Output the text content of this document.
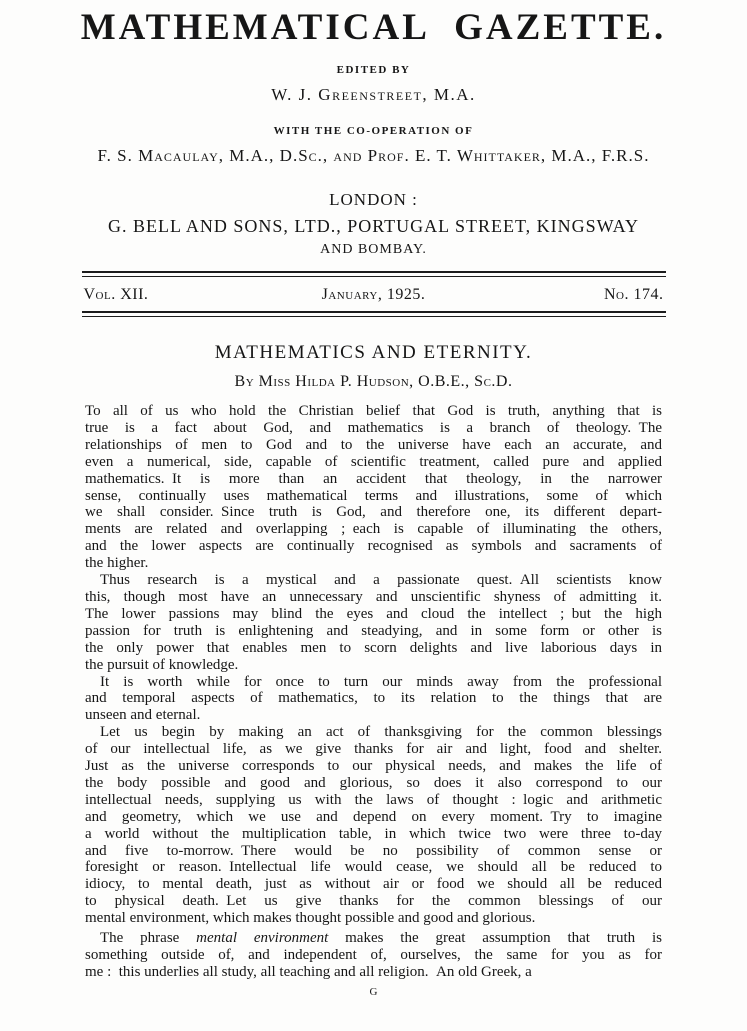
MATHEMATICAL GAZETTE.
EDITED BY
W. J. Greenstreet, M.A.
WITH THE CO-OPERATION OF
F. S. Macaulay, M.A., D.Sc., and Prof. E. T. Whittaker, M.A., F.R.S.
LONDON :
G. BELL AND SONS, LTD., PORTUGAL STREET, KINGSWAY
AND BOMBAY.
Vol. XII.	January, 1925.	No. 174.
MATHEMATICS AND ETERNITY.
By Miss Hilda P. Hudson, O.B.E., Sc.D.
To all of us who hold the Christian belief that God is truth, anything that is
true is a fact about God, and mathematics is a branch of theology. The
relationships of men to God and to the universe have each an accurate, and
even a numerical, side, capable of scientific treatment, called pure and applied
mathematics. It is more than an accident that theology, in the narrower
sense, continually uses mathematical terms and illustrations, some of which
we shall consider. Since truth is God, and therefore one, its different depart-
ments are related and overlapping ; each is capable of illuminating the others,
and the lower aspects are continually recognised as symbols and sacraments of
the higher.
Thus research is a mystical and a passionate quest. All scientists know
this, though most have an unnecessary and unscientific shyness of admitting it.
The lower passions may blind the eyes and cloud the intellect ; but the high
passion for truth is enlightening and steadying, and in some form or other is
the only power that enables men to scorn delights and live laborious days in
the pursuit of knowledge.
It is worth while for once to turn our minds away from the professional
and temporal aspects of mathematics, to its relation to the things that are
unseen and eternal.
Let us begin by making an act of thanksgiving for the common blessings
of our intellectual life, as we give thanks for air and light, food and shelter.
Just as the universe corresponds to our physical needs, and makes the life of
the body possible and good and glorious, so does it also correspond to our
intellectual needs, supplying us with the laws of thought : logic and arithmetic
and geometry, which we use and depend on every moment. Try to imagine
a world without the multiplication table, in which twice two were three to-day
and five to-morrow. There would be no possibility of common sense or
foresight or reason. Intellectual life would cease, we should all be reduced to
idiocy, to mental death, just as without air or food we should all be reduced
to physical death. Let us give thanks for the common blessings of our
mental environment, which makes thought possible and good and glorious.
The phrase mental environment makes the great assumption that truth is
something outside of, and independent of, ourselves, the same for you as for
me : this underlies all study, all teaching and all religion. An old Greek, a
G
